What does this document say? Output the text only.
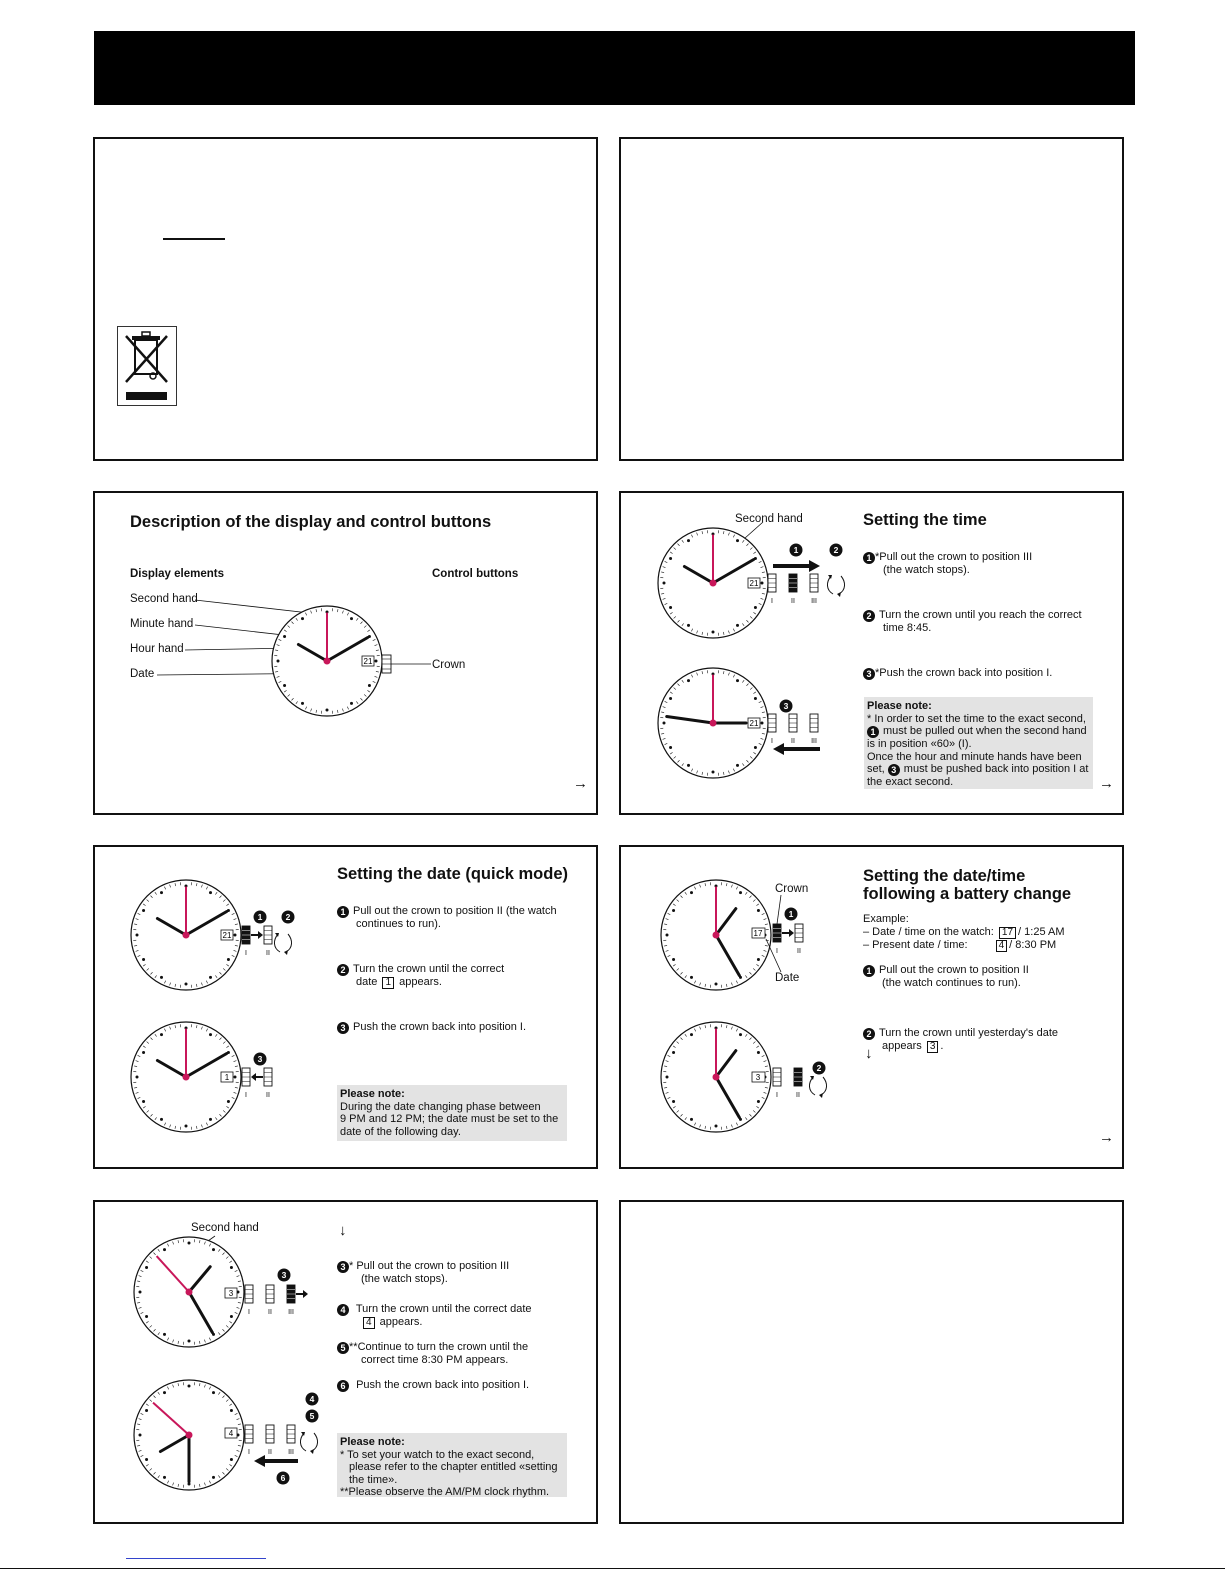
Description of the display and control buttons
Display elements	Control buttons
Second hand
Minute hand
Hour hand
Date
Crown
21
→
Second hand	Setting the time
1 *Pull out the crown to position III
(the watch stops).
2 Turn the crown until you reach the correct
time 8:45.
3 *Push the crown back into position I.
Please note:
* In order to set the time to the exact second,
1 must be pulled out when the second hand
is in position «60» (I).
Once the hour and minute hands have been
set, 3 must be pushed back into position I at
the exact second.
21
I	II III
1	2
21
I	II III
3
→
Setting the date (quick mode)
1 Pull out the crown to position II (the watch
continues to run).
2 Turn the crown until the correct
date 1 appears.
3 Push the crown back into position I.
Please note:
During the date changing phase between
9 PM and 12 PM; the date must be set to the
date of the following day.
21
I	II
1	2
1
I	II
3
Setting the date/time
following a battery change
Crown
Date
Example:
– Date / time on the watch: 17 / 1:25 AM
– Present date / time:	4 / 8:30 PM
1 Pull out the crown to position II
(the watch continues to run).
2 Turn the crown until yesterday's date
appears 3 .
↓
17
I	II
1
3
I	II
2
→
Second hand	↓
3 * Pull out the crown to position III
(the watch stops).
4 Turn the crown until the correct date
4 appears.
5 **Continue to turn the crown until the
correct time 8:30 PM appears.
6 Push the crown back into position I.
Please note:
* To set your watch to the exact second,
please refer to the chapter entitled «setting
the time».
**Please observe the AM/PM clock rhythm.
3
I	II III
3
4
I	II III
4
5
6
